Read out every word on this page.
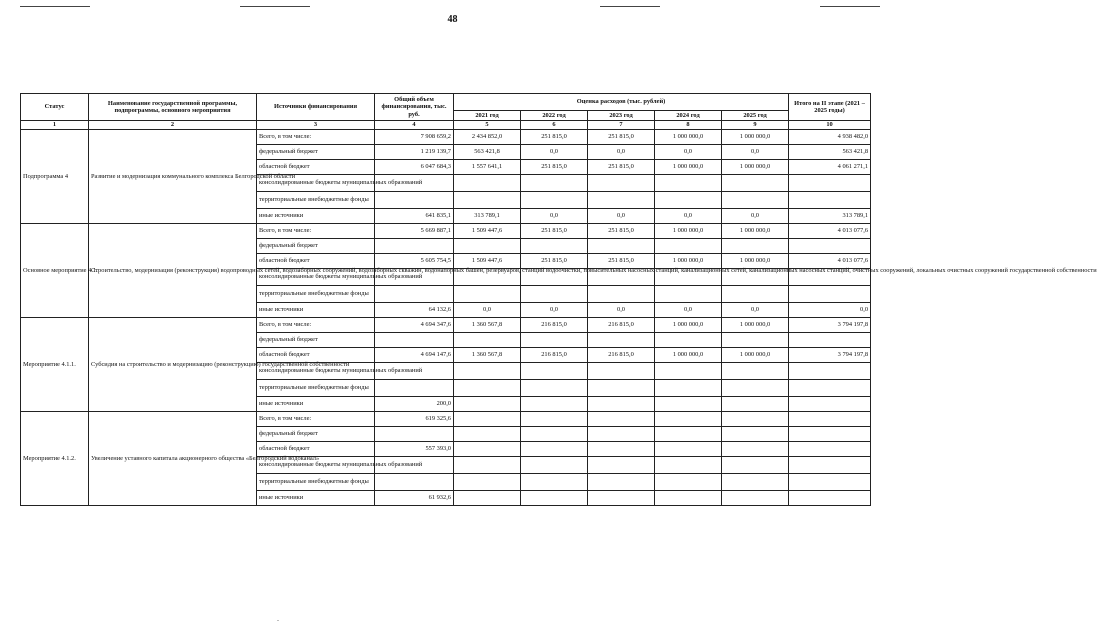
48
Статус	Наименование государственной программы, подпрограммы, основного мероприятия	Источники финансирования	Общий объем финансирования, тыс. руб.	Оценка расходов (тыс. рублей)					Итого на II этапе (2021 – 2025 годы)
				2021 год	2022 год	2023 год	2024 год	2025 год	
1	2	3	4	5	6	7	8	9	10
Подпрограмма 4	Развитие и модернизация коммунального комплекса Белгородской области	Всего, в том числе:	7 908 659,2	2 434 852,0	251 815,0	251 815,0	1 000 000,0	1 000 000,0	4 938 482,0
		федеральный бюджет	1 219 139,7	563 421,8	0,0	0,0	0,0	0,0	563 421,8
		областной бюджет	6 047 684,3	1 557 641,1	251 815,0	251 815,0	1 000 000,0	1 000 000,0	4 061 271,1
		консолидированные бюджеты муниципальных образований							
		территориальные внебюджетные фонды							
		иные источники	641 835,1	313 789,1	0,0	0,0	0,0	0,0	313 789,1
Основное мероприятие 4.1.	Строительство, модернизация (реконструкция) водопроводных сетей, водозаборных сооружений, водозаборных скважин, водонапорных башен, резервуаров, станций водоочистки, повысительных насосных станций, канализационных сетей, канализационных насосных станций, очистных сооружений, локальных очистных сооружений государственной собственности	Всего, в том числе:	5 669 887,1	1 509 447,6	251 815,0	251 815,0	1 000 000,0	1 000 000,0	4 013 077,6
		федеральный бюджет							
		областной бюджет	5 605 754,5	1 509 447,6	251 815,0	251 815,0	1 000 000,0	1 000 000,0	4 013 077,6
		консолидированные бюджеты муниципальных образований							
		территориальные внебюджетные фонды							
		иные источники	64 132,6	0,0	0,0	0,0	0,0	0,0	0,0
Мероприятие 4.1.1.	Субсидия на строительство и модернизацию (реконструкцию) государственной собственности	Всего, в том числе:	4 694 347,6	1 360 567,8	216 815,0	216 815,0	1 000 000,0	1 000 000,0	3 794 197,8
		федеральный бюджет							
		областной бюджет	4 694 147,6	1 360 567,8	216 815,0	216 815,0	1 000 000,0	1 000 000,0	3 794 197,8
		консолидированные бюджеты муниципальных образований							
		территориальные внебюджетные фонды							
		иные источники	200,0						
Мероприятие 4.1.2.	Увеличение уставного капитала акционерного общества «Белгородский водоканал»	Всего, в том числе:	619 325,6						
		федеральный бюджет							
		областной бюджет	557 393,0						
		консолидированные бюджеты муниципальных образований							
		территориальные внебюджетные фонды							
		иные источники	61 932,6						
.
